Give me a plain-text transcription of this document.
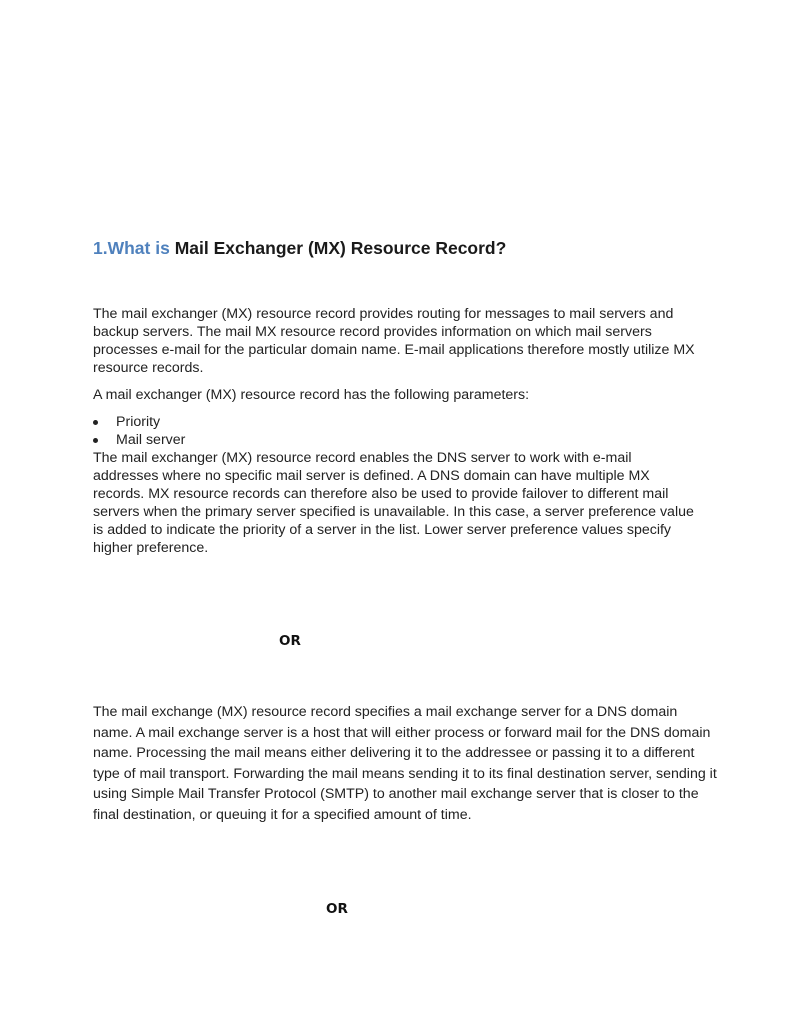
1.What is Mail Exchanger (MX) Resource Record?

The mail exchanger (MX) resource record provides routing for messages to mail servers and backup servers. The mail MX resource record provides information on which mail servers processes e-mail for the particular domain name. E-mail applications therefore mostly utilize MX resource records.

A mail exchanger (MX) resource record has the following parameters:

Priority
Mail server

The mail exchanger (MX) resource record enables the DNS server to work with e-mail addresses where no specific mail server is defined. A DNS domain can have multiple MX records. MX resource records can therefore also be used to provide failover to different mail servers when the primary server specified is unavailable. In this case, a server preference value is added to indicate the priority of a server in the list. Lower server preference values specify higher preference.

OR

The mail exchange (MX) resource record specifies a mail exchange server for a DNS domain name. A mail exchange server is a host that will either process or forward mail for the DNS domain name. Processing the mail means either delivering it to the addressee or passing it to a different type of mail transport. Forwarding the mail means sending it to its final destination server, sending it using Simple Mail Transfer Protocol (SMTP) to another mail exchange server that is closer to the final destination, or queuing it for a specified amount of time.

OR
